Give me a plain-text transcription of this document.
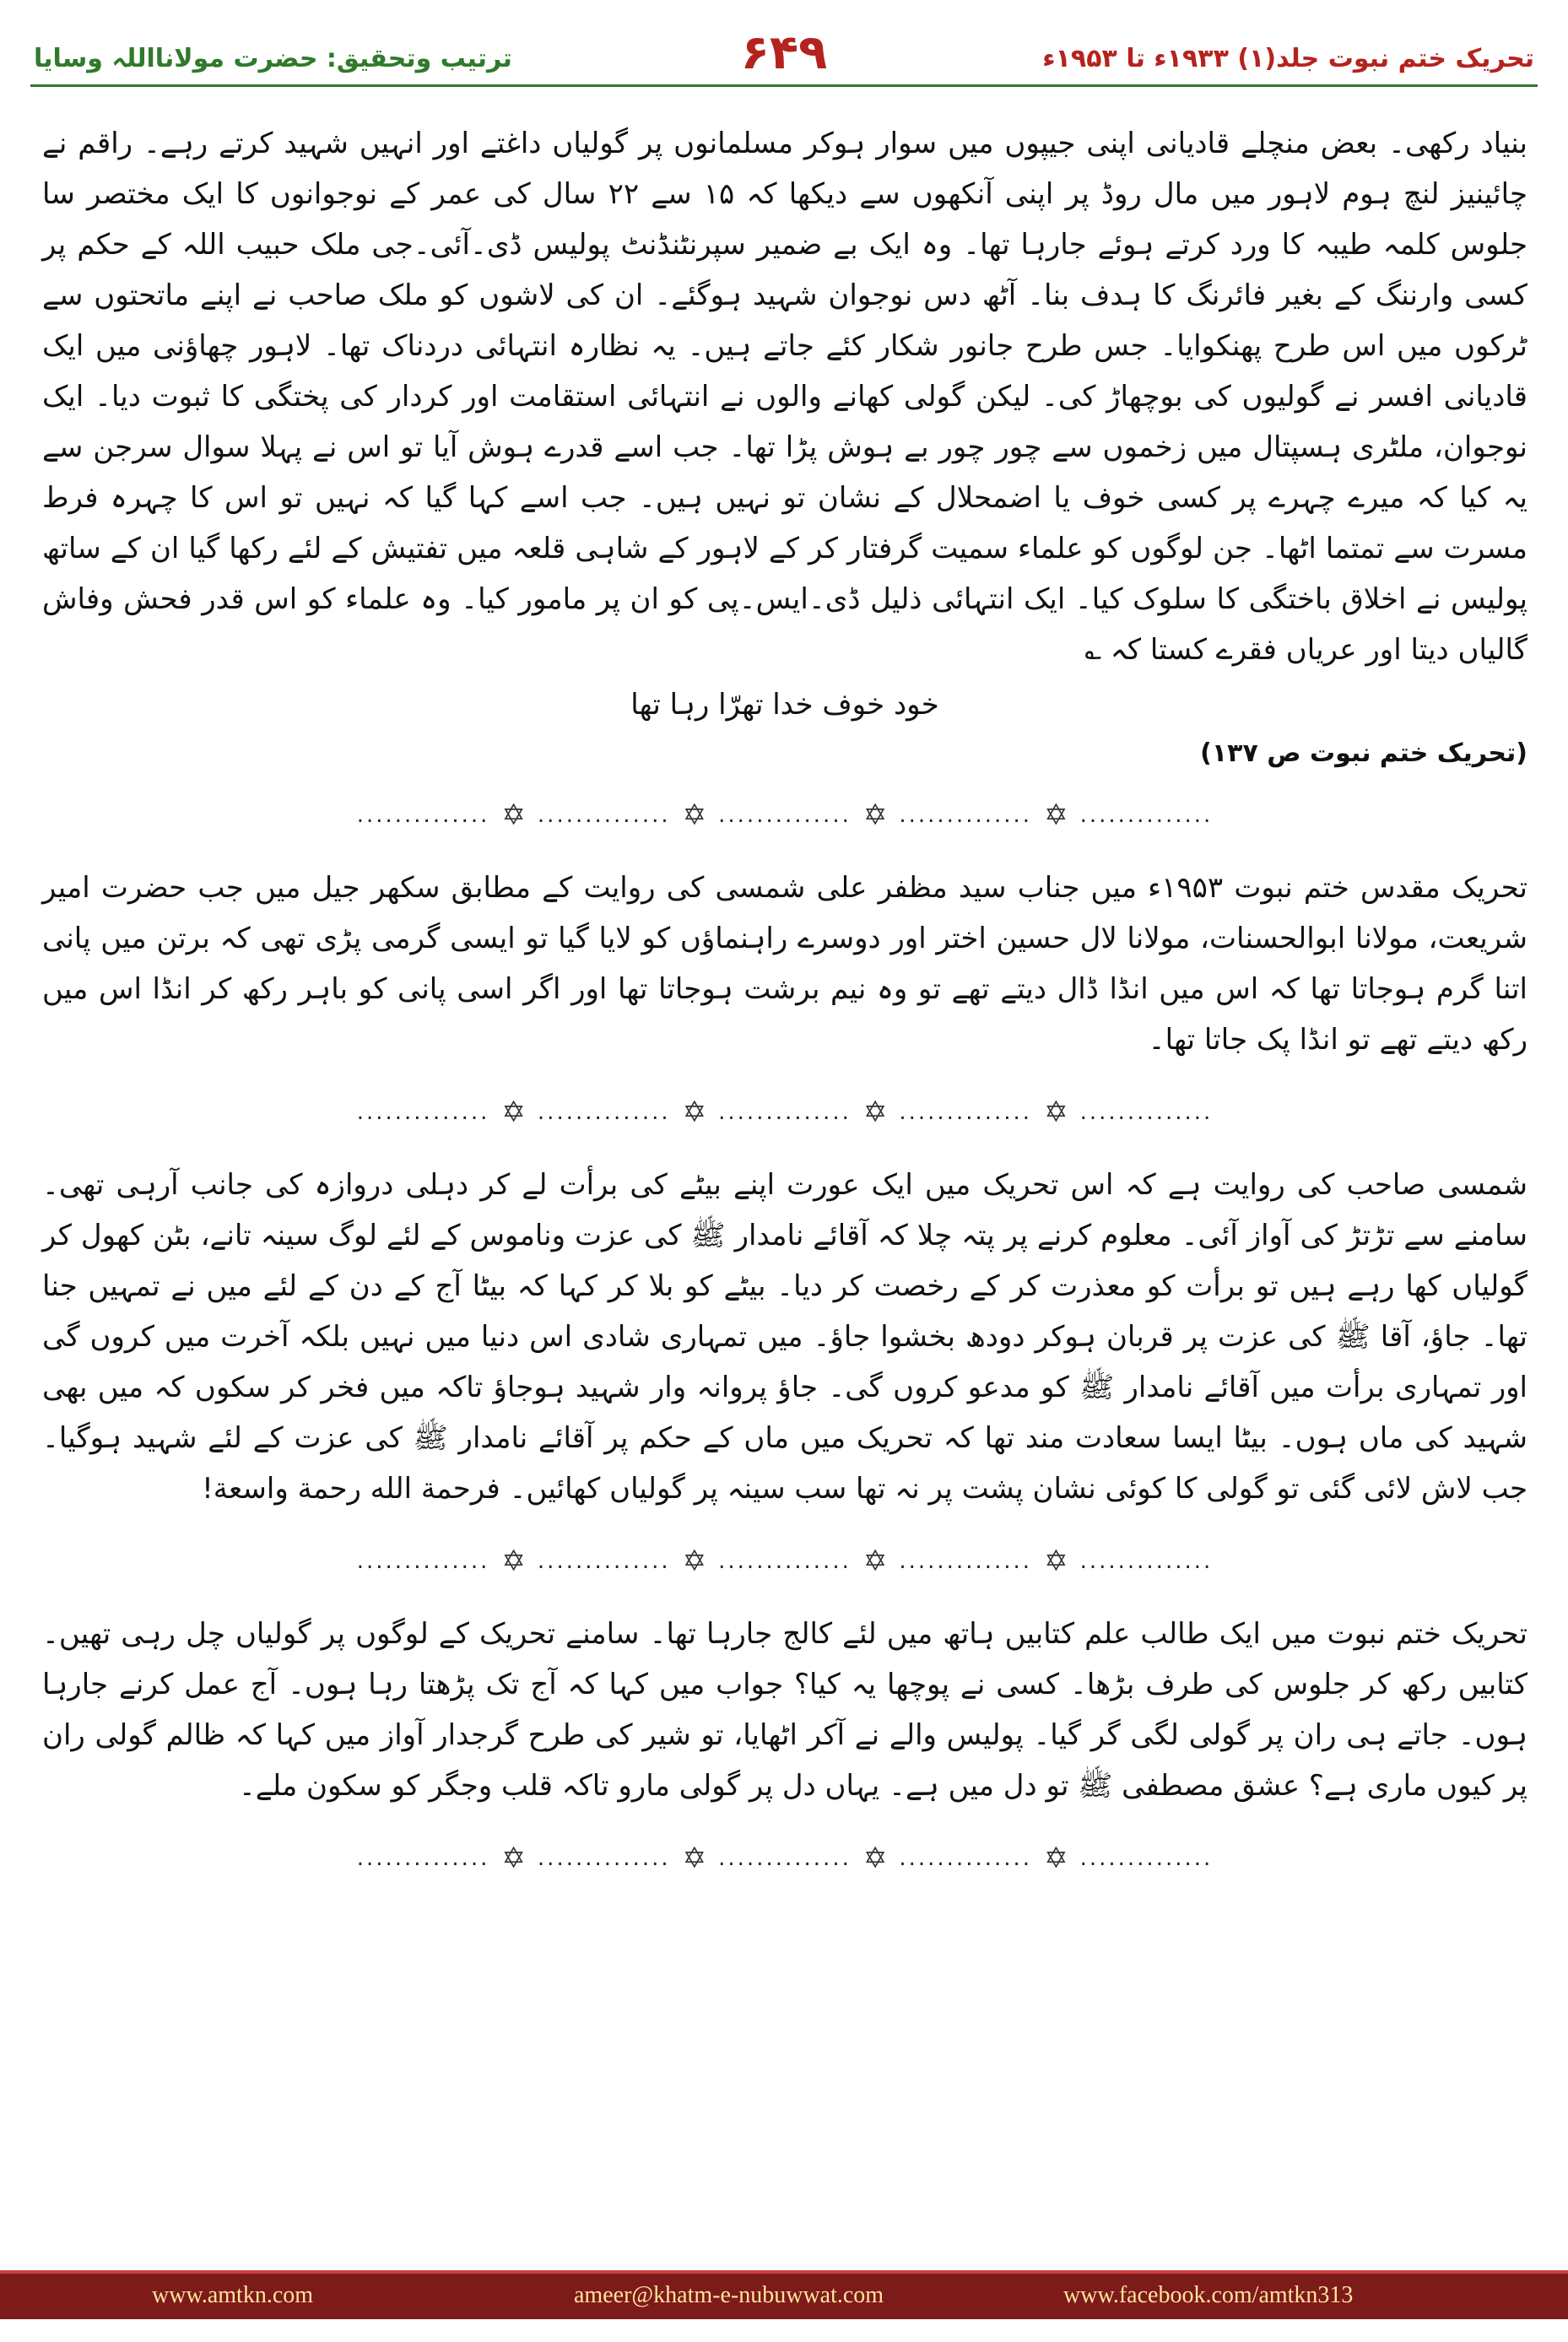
ترتیب وتحقیق: حضرت مولانااللہ وسایا	۶۴۹	تحریک ختم نبوت جلد(۱) ۱۹۳۳ء تا ۱۹۵۳ء

بنیاد رکھی۔ بعض منچلے قادیانی اپنی جیپوں میں سوار ہوکر مسلمانوں پر گولیاں داغتے اور انہیں شہید کرتے رہے۔ راقم نے چائینیز لنچ ہوم لاہور میں مال روڈ پر اپنی آنکھوں سے دیکھا کہ ۱۵ سے ۲۲ سال کی عمر کے نوجوانوں کا ایک مختصر سا جلوس کلمہ طیبہ کا ورد کرتے ہوئے جارہا تھا۔ وہ ایک بے ضمیر سپرنٹنڈنٹ پولیس ڈی۔آئی۔جی ملک حبیب اللہ کے حکم پر کسی وارننگ کے بغیر فائرنگ کا ہدف بنا۔ آٹھ دس نوجوان شہید ہوگئے۔ ان کی لاشوں کو ملک صاحب نے اپنے ماتحتوں سے ٹرکوں میں اس طرح پھنکوایا۔ جس طرح جانور شکار کئے جاتے ہیں۔ یہ نظارہ انتہائی دردناک تھا۔ لاہور چھاؤنی میں ایک قادیانی افسر نے گولیوں کی بوچھاڑ کی۔ لیکن گولی کھانے والوں نے انتہائی استقامت اور کردار کی پختگی کا ثبوت دیا۔ ایک نوجوان، ملٹری ہسپتال میں زخموں سے چور چور بے ہوش پڑا تھا۔ جب اسے قدرے ہوش آیا تو اس نے پہلا سوال سرجن سے یہ کیا کہ میرے چہرے پر کسی خوف یا اضمحلال کے نشان تو نہیں ہیں۔ جب اسے کہا گیا کہ نہیں تو اس کا چہرہ فرط مسرت سے تمتما اٹھا۔ جن لوگوں کو علماء سمیت گرفتار کر کے لاہور کے شاہی قلعہ میں تفتیش کے لئے رکھا گیا ان کے ساتھ پولیس نے اخلاق باختگی کا سلوک کیا۔ ایک انتہائی ذلیل ڈی۔ایس۔پی کو ان پر مامور کیا۔ وہ علماء کو اس قدر فحش وفاش گالیاں دیتا اور عریاں فقرے کستا کہ ؎

خود خوف خدا تھرّا رہا تھا
(تحریک ختم نبوت ص ۱۳۷)
.............. ✡ .............. ✡ .............. ✡ .............. ✡ ..............

تحریک مقدس ختم نبوت ۱۹۵۳ء میں جناب سید مظفر علی شمسی کی روایت کے مطابق سکھر جیل میں جب حضرت امیر شریعت، مولانا ابوالحسنات، مولانا لال حسین اختر اور دوسرے راہنماؤں کو لایا گیا تو ایسی گرمی پڑی تھی کہ برتن میں پانی اتنا گرم ہوجاتا تھا کہ اس میں انڈا ڈال دیتے تھے تو وہ نیم برشت ہوجاتا تھا اور اگر اسی پانی کو باہر رکھ کر انڈا اس میں رکھ دیتے تھے تو انڈا پک جاتا تھا۔

.............. ✡ .............. ✡ .............. ✡ .............. ✡ ..............

شمسی صاحب کی روایت ہے کہ اس تحریک میں ایک عورت اپنے بیٹے کی برأت لے کر دہلی دروازہ کی جانب آرہی تھی۔ سامنے سے تڑتڑ کی آواز آئی۔ معلوم کرنے پر پتہ چلا کہ آقائے نامدار ﷺ کی عزت وناموس کے لئے لوگ سینہ تانے، بٹن کھول کر گولیاں کھا رہے ہیں تو برأت کو معذرت کر کے رخصت کر دیا۔ بیٹے کو بلا کر کہا کہ بیٹا آج کے دن کے لئے میں نے تمہیں جنا تھا۔ جاؤ، آقا ﷺ کی عزت پر قربان ہوکر دودھ بخشوا جاؤ۔ میں تمہاری شادی اس دنیا میں نہیں بلکہ آخرت میں کروں گی اور تمہاری برأت میں آقائے نامدار ﷺ کو مدعو کروں گی۔ جاؤ پروانہ وار شہید ہوجاؤ تاکہ میں فخر کر سکوں کہ میں بھی شہید کی ماں ہوں۔ بیٹا ایسا سعادت مند تھا کہ تحریک میں ماں کے حکم پر آقائے نامدار ﷺ کی عزت کے لئے شہید ہوگیا۔ جب لاش لائی گئی تو گولی کا کوئی نشان پشت پر نہ تھا سب سینہ پر گولیاں کھائیں۔ فرحمة الله رحمة واسعة!

.............. ✡ .............. ✡ .............. ✡ .............. ✡ ..............

تحریک ختم نبوت میں ایک طالب علم کتابیں ہاتھ میں لئے کالج جارہا تھا۔ سامنے تحریک کے لوگوں پر گولیاں چل رہی تھیں۔ کتابیں رکھ کر جلوس کی طرف بڑھا۔ کسی نے پوچھا یہ کیا؟ جواب میں کہا کہ آج تک پڑھتا رہا ہوں۔ آج عمل کرنے جارہا ہوں۔ جاتے ہی ران پر گولی لگی گر گیا۔ پولیس والے نے آکر اٹھایا، تو شیر کی طرح گرجدار آواز میں کہا کہ ظالم گولی ران پر کیوں ماری ہے؟ عشق مصطفی ﷺ تو دل میں ہے۔ یہاں دل پر گولی مارو تاکہ قلب وجگر کو سکون ملے۔

.............. ✡ .............. ✡ .............. ✡ .............. ✡ ..............
www.amtkn.com	ameer@khatm-e-nubuwwat.com	www.facebook.com/amtkn313
